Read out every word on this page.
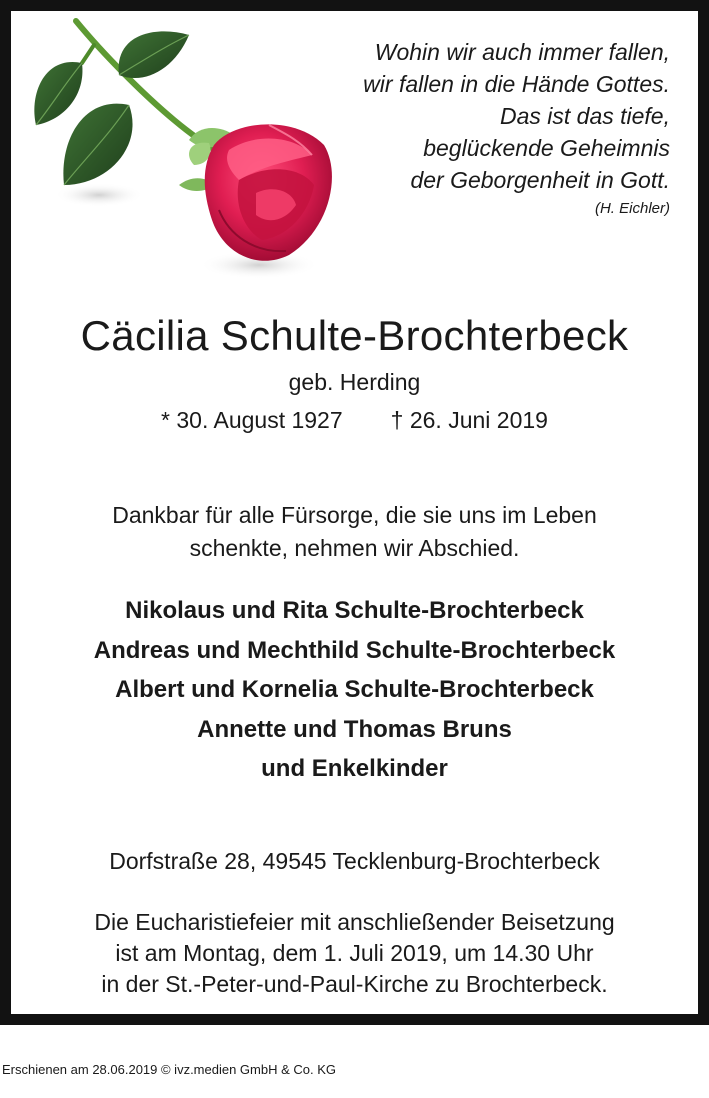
Wohin wir auch immer fallen,
wir fallen in die Hände Gottes.
Das ist das tiefe,
beglückende Geheimnis
der Geborgenheit in Gott.
(H. Eichler)
Cäcilia Schulte-Brochterbeck
geb. Herding
* 30. August 1927 † 26. Juni 2019
Dankbar für alle Fürsorge, die sie uns im Leben
schenkte, nehmen wir Abschied.
Nikolaus und Rita Schulte-Brochterbeck
Andreas und Mechthild Schulte-Brochterbeck
Albert und Kornelia Schulte-Brochterbeck
Annette und Thomas Bruns
und Enkelkinder
Dorfstraße 28, 49545 Tecklenburg-Brochterbeck
Die Eucharistiefeier mit anschließender Beisetzung
ist am Montag, dem 1. Juli 2019, um 14.30 Uhr
in der St.-Peter-und-Paul-Kirche zu Brochterbeck.
Erschienen am 28.06.2019 © ivz.medien GmbH & Co. KG
